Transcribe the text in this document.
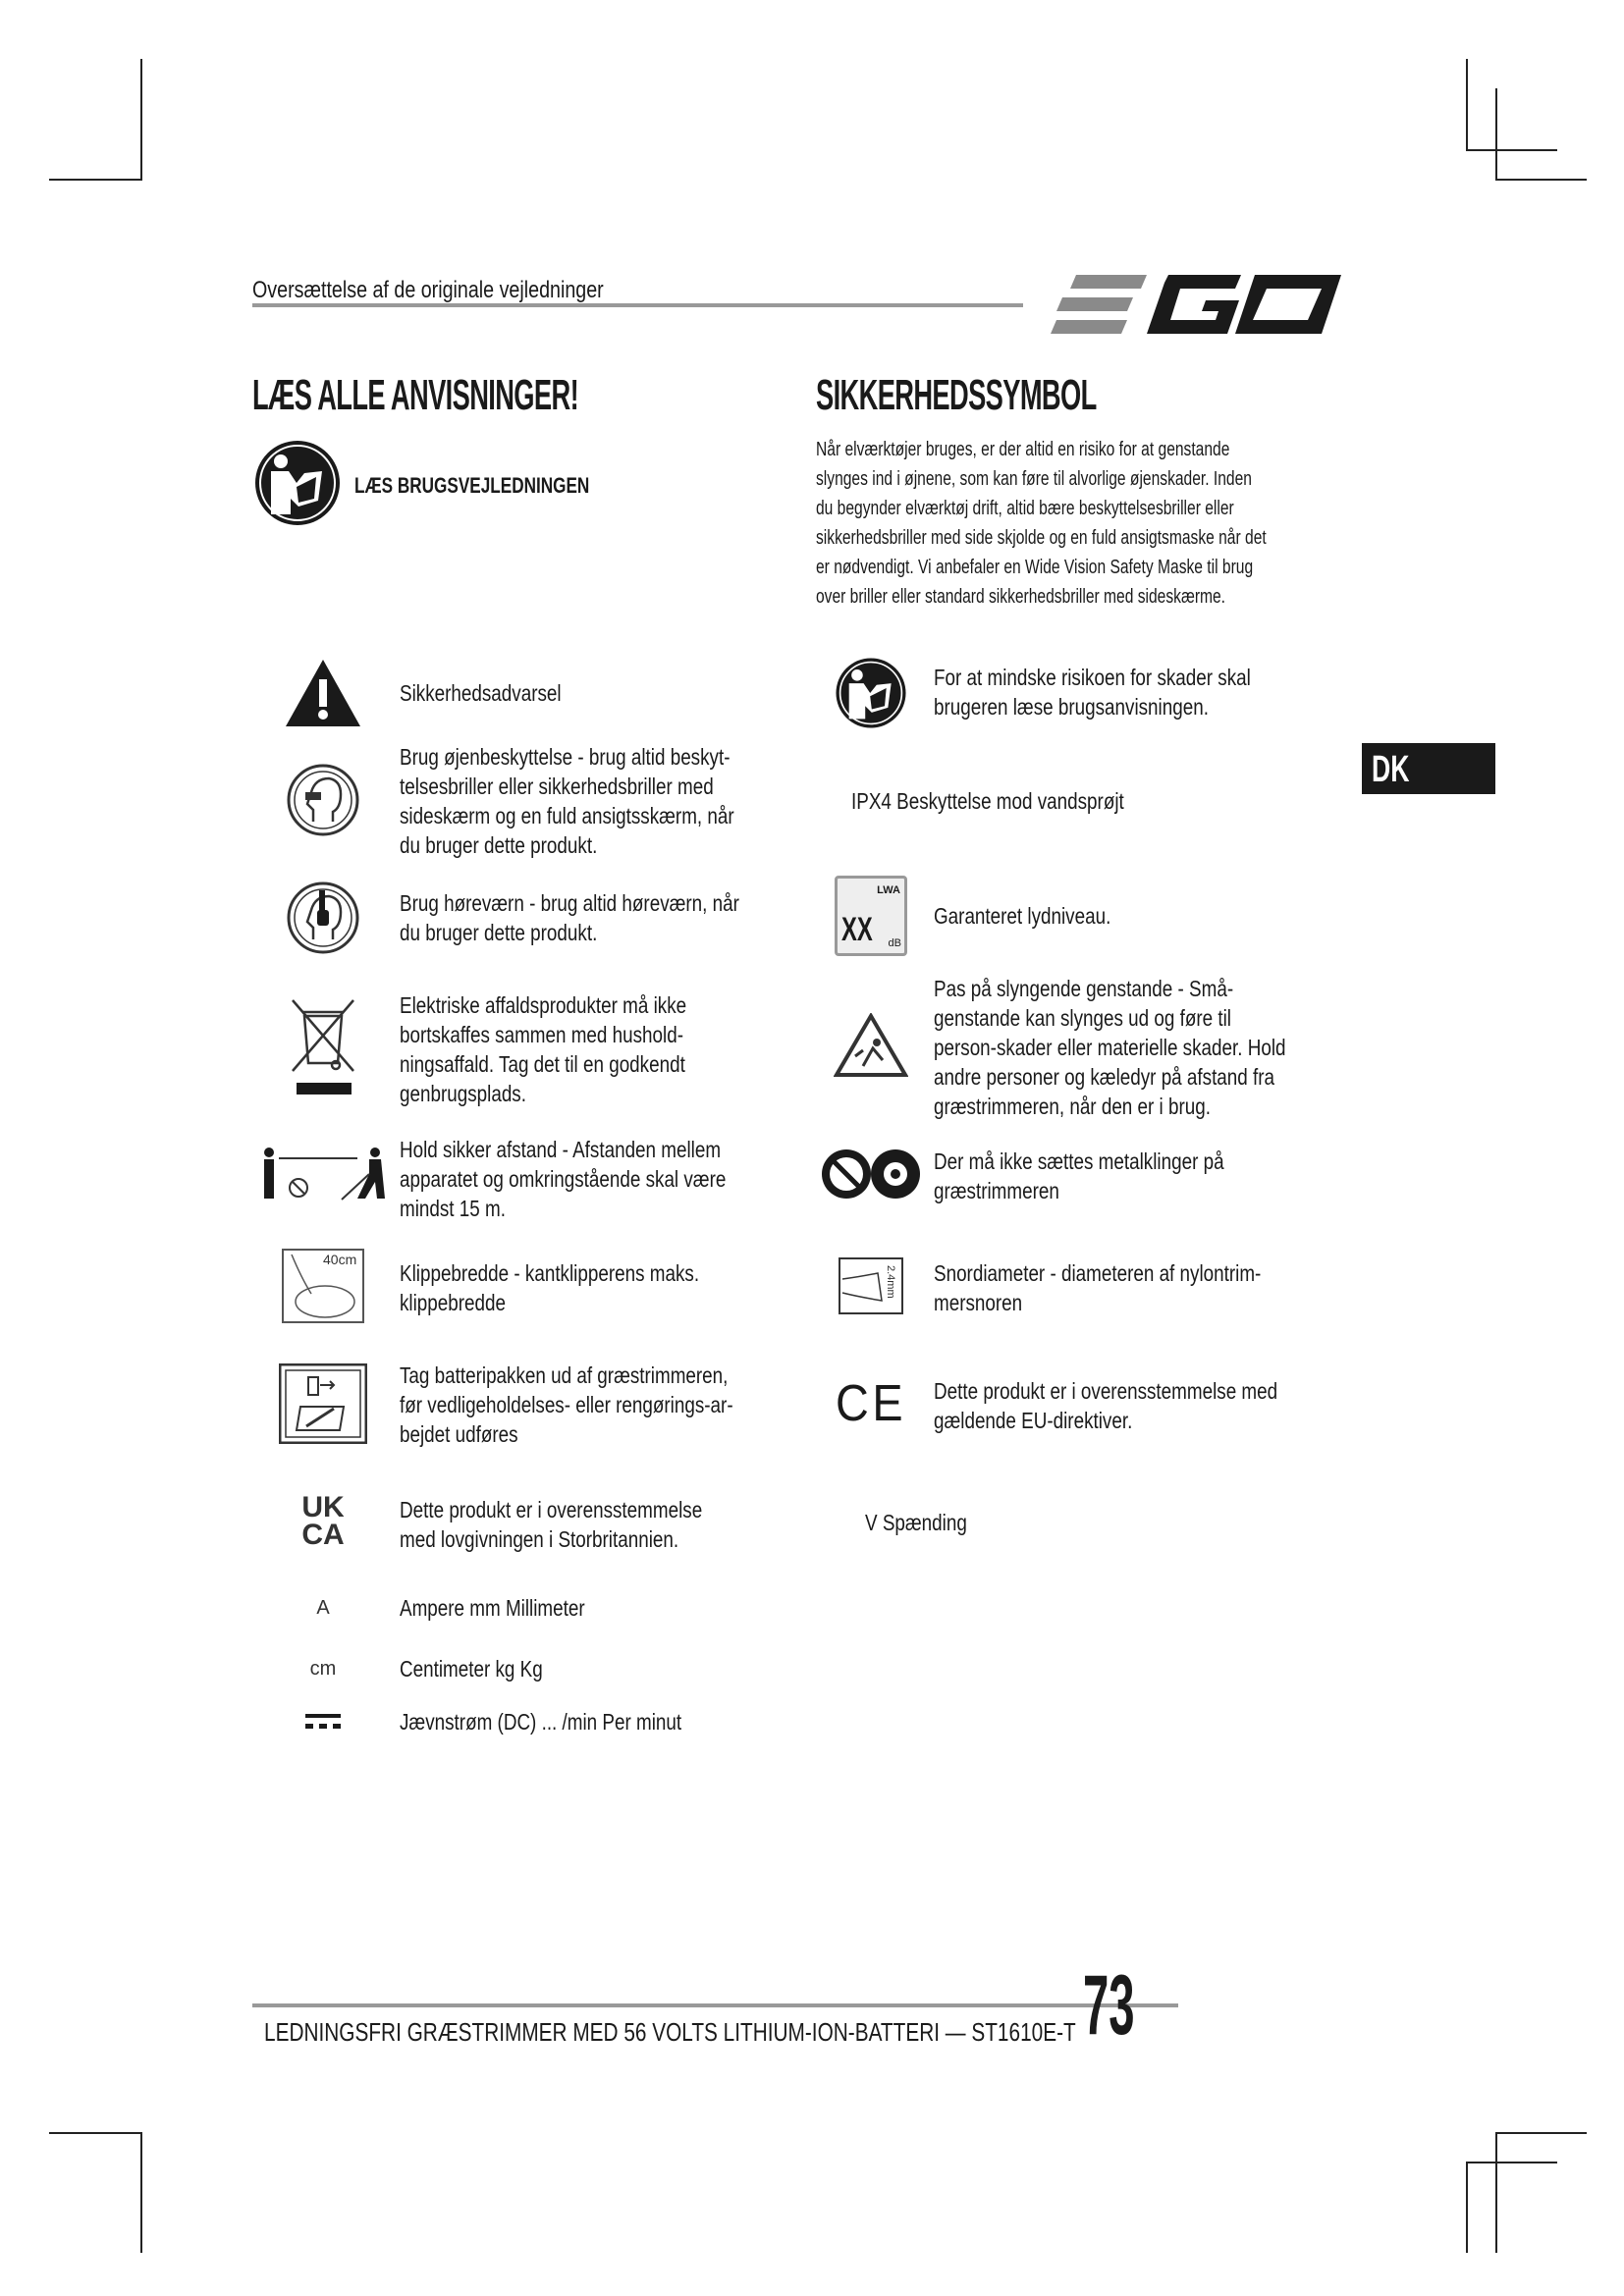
Oversættelse af de originale vejledninger
LÆS ALLE ANVISNINGER!	SIKKERHEDSSYMBOL
LÆS BRUGSVEJLEDNINGEN
Når elværktøjer bruges, er der altid en risiko for at genstande
slynges ind i øjnene, som kan føre til alvorlige øjenskader. Inden
du begynder elværktøj drift, altid bære beskyttelsesbriller eller
sikkerhedsbriller med side skjolde og en fuld ansigtsmaske når det
er nødvendigt. Vi anbefaler en Wide Vision Safety Maske til brug
over briller eller standard sikkerhedsbriller med sideskærme.
DK
Sikkerhedsadvarsel
Brug øjenbeskyttelse - brug altid beskyt-
telsesbriller eller sikkerhedsbriller med
sideskærm og en fuld ansigtsskærm, når
du bruger dette produkt.
Brug høreværn - brug altid høreværn, når
du bruger dette produkt.
Elektriske affaldsprodukter må ikke
bortskaffes sammen med hushold-
ningsaffald. Tag det til en godkendt
genbrugsplads.
Hold sikker afstand - Afstanden mellem
apparatet og omkringstående skal være
mindst 15 m.
40cm
Klippebredde - kantklipperens maks.
klippebredde
Tag batteripakken ud af græstrimmeren,
før vedligeholdelses- eller rengørings-ar-
bejdet udføres
UK CA
Dette produkt er i overensstemmelse
med lovgivningen i Storbritannien.
A	Ampere mm Millimeter
cm	Centimeter kg Kg
Jævnstrøm (DC) ... /min Per minut
For at mindske risikoen for skader skal
brugeren læse brugsanvisningen.
IPX4 Beskyttelse mod vandsprøjt
LWA
XX dB
Garanteret lydniveau.
Pas på slyngende genstande - Små-
genstande kan slynges ud og føre til
person-skader eller materielle skader. Hold
andre personer og kæledyr på afstand fra
græstrimmeren, når den er i brug.
Der må ikke sættes metalklinger på
græstrimmeren
2.4mm Snordiameter - diameteren af nylontrim-
mersnoren
CE Dette produkt er i overensstemmelse med
gældende EU-direktiver.
V Spænding
LEDNINGSFRI GRÆSTRIMMER MED 56 VOLTS LITHIUM-ION-BATTERI — ST1610E-T 73
